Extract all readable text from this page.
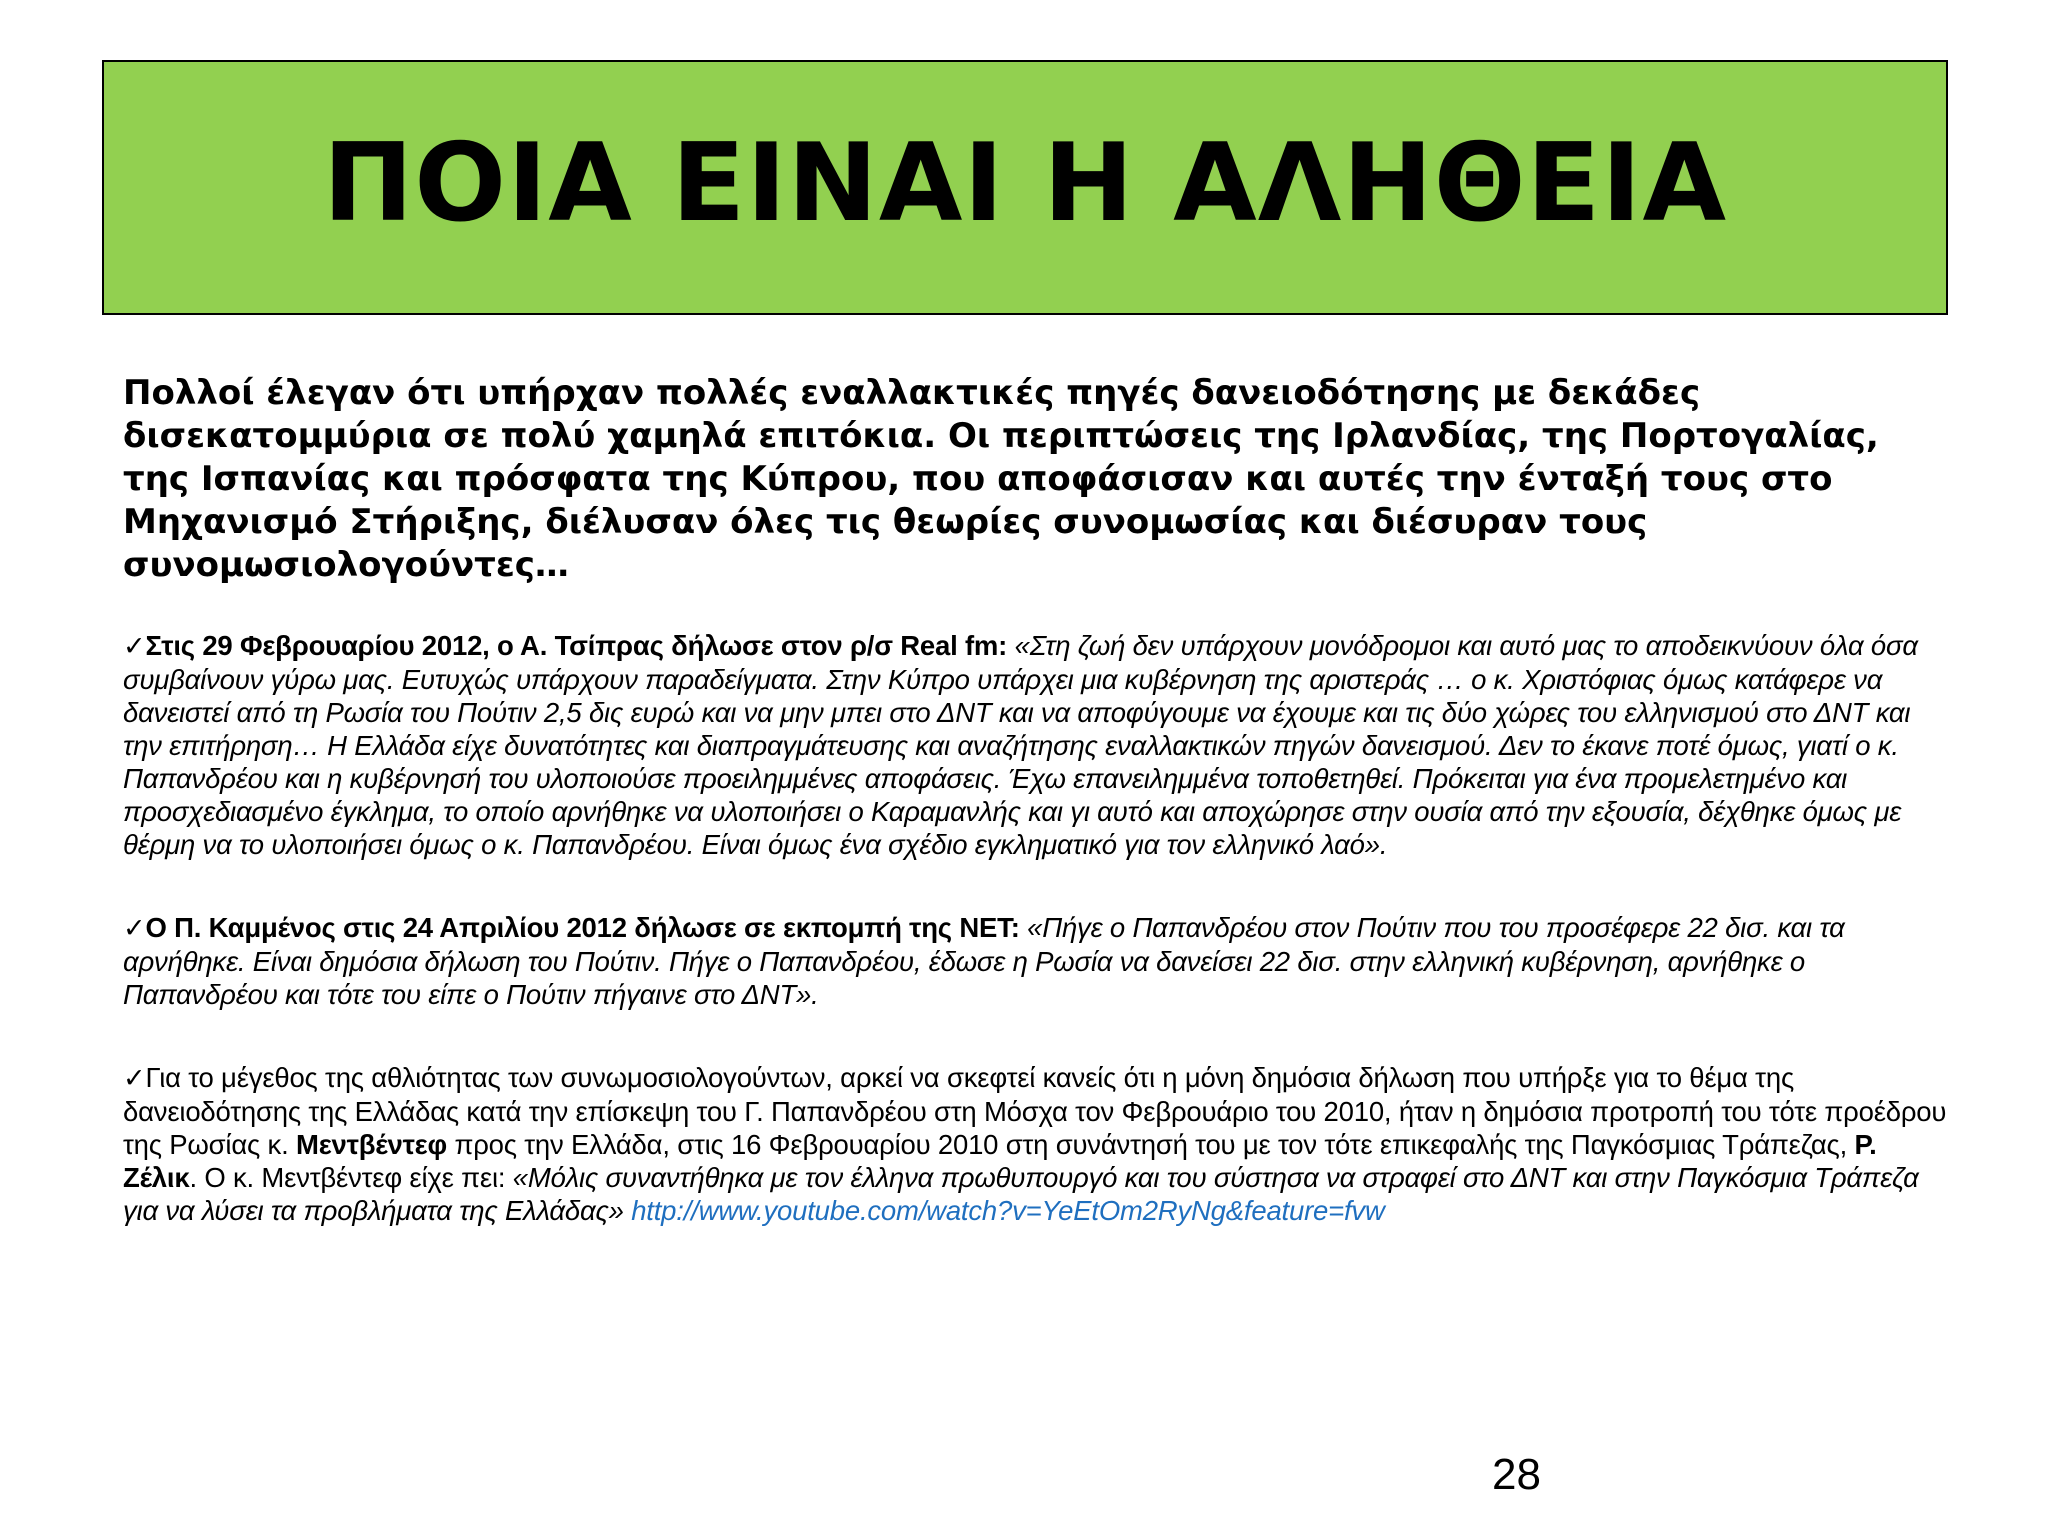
ΠΟΙΑ ΕΙΝΑΙ Η ΑΛΗΘΕΙΑ

Πολλοί έλεγαν ότι υπήρχαν πολλές εναλλακτικές πηγές δανειοδότησης με δεκάδες δισεκατομμύρια σε πολύ χαμηλά επιτόκια. Οι περιπτώσεις της Ιρλανδίας, της Πορτογαλίας, της Ισπανίας και πρόσφατα της Κύπρου, που αποφάσισαν και αυτές την ένταξή τους στο Μηχανισμό Στήριξης, διέλυσαν όλες τις θεωρίες συνομωσίας και διέσυραν τους συνομωσιολογούντες…

✓Στις 29 Φεβρουαρίου 2012, ο Α. Τσίπρας δήλωσε στον ρ/σ Real fm: «Στη ζωή δεν υπάρχουν μονόδρομοι και αυτό μας το αποδεικνύουν όλα όσα συμβαίνουν γύρω μας. Ευτυχώς υπάρχουν παραδείγματα. Στην Κύπρο υπάρχει μια κυβέρνηση της αριστεράς … ο κ. Χριστόφιας όμως κατάφερε να δανειστεί από τη Ρωσία του Πούτιν 2,5 δις ευρώ και να μην μπει στο ΔΝΤ και να αποφύγουμε να έχουμε και τις δύο χώρες του ελληνισμού στο ΔΝΤ και την επιτήρηση… Η Ελλάδα είχε δυνατότητες και διαπραγμάτευσης και αναζήτησης εναλλακτικών πηγών δανεισμού. Δεν το έκανε ποτέ όμως, γιατί ο κ. Παπανδρέου και η κυβέρνησή του υλοποιούσε προειλημμένες αποφάσεις. Έχω επανειλημμένα τοποθετηθεί. Πρόκειται για ένα προμελετημένο και προσχεδιασμένο έγκλημα, το οποίο αρνήθηκε να υλοποιήσει ο Καραμανλής και γι αυτό και αποχώρησε στην ουσία από την εξουσία, δέχθηκε όμως με θέρμη να το υλοποιήσει όμως ο κ. Παπανδρέου. Είναι όμως ένα σχέδιο εγκληματικό για τον ελληνικό λαό».

✓Ο Π. Καμμένος στις 24 Απριλίου 2012 δήλωσε σε εκπομπή της ΝΕΤ: «Πήγε ο Παπανδρέου στον Πούτιν που του προσέφερε 22 δισ. και τα αρνήθηκε. Είναι δημόσια δήλωση του Πούτιν. Πήγε ο Παπανδρέου, έδωσε η Ρωσία να δανείσει 22 δισ. στην ελληνική κυβέρνηση, αρνήθηκε ο Παπανδρέου και τότε του είπε ο Πούτιν πήγαινε στο ΔΝΤ».

✓Για το μέγεθος της αθλιότητας των συνωμοσιολογούντων, αρκεί να σκεφτεί κανείς ότι η μόνη δημόσια δήλωση που υπήρξε για το θέμα της δανειοδότησης της Ελλάδας κατά την επίσκεψη του Γ. Παπανδρέου στη Μόσχα τον Φεβρουάριο του 2010, ήταν η δημόσια προτροπή του τότε προέδρου της Ρωσίας κ. Μεντβέντεφ προς την Ελλάδα, στις 16 Φεβρουαρίου 2010 στη συνάντησή του με τον τότε επικεφαλής της Παγκόσμιας Τράπεζας, Ρ. Ζέλικ. Ο κ. Μεντβέντεφ είχε πει: «Μόλις συναντήθηκα με τον έλληνα πρωθυπουργό και του σύστησα να στραφεί στο ΔΝΤ και στην Παγκόσμια Τράπεζα για να λύσει τα προβλήματα της Ελλάδας» http://www.youtube.com/watch?v=YeEtOm2RyNg&feature=fvw

28
